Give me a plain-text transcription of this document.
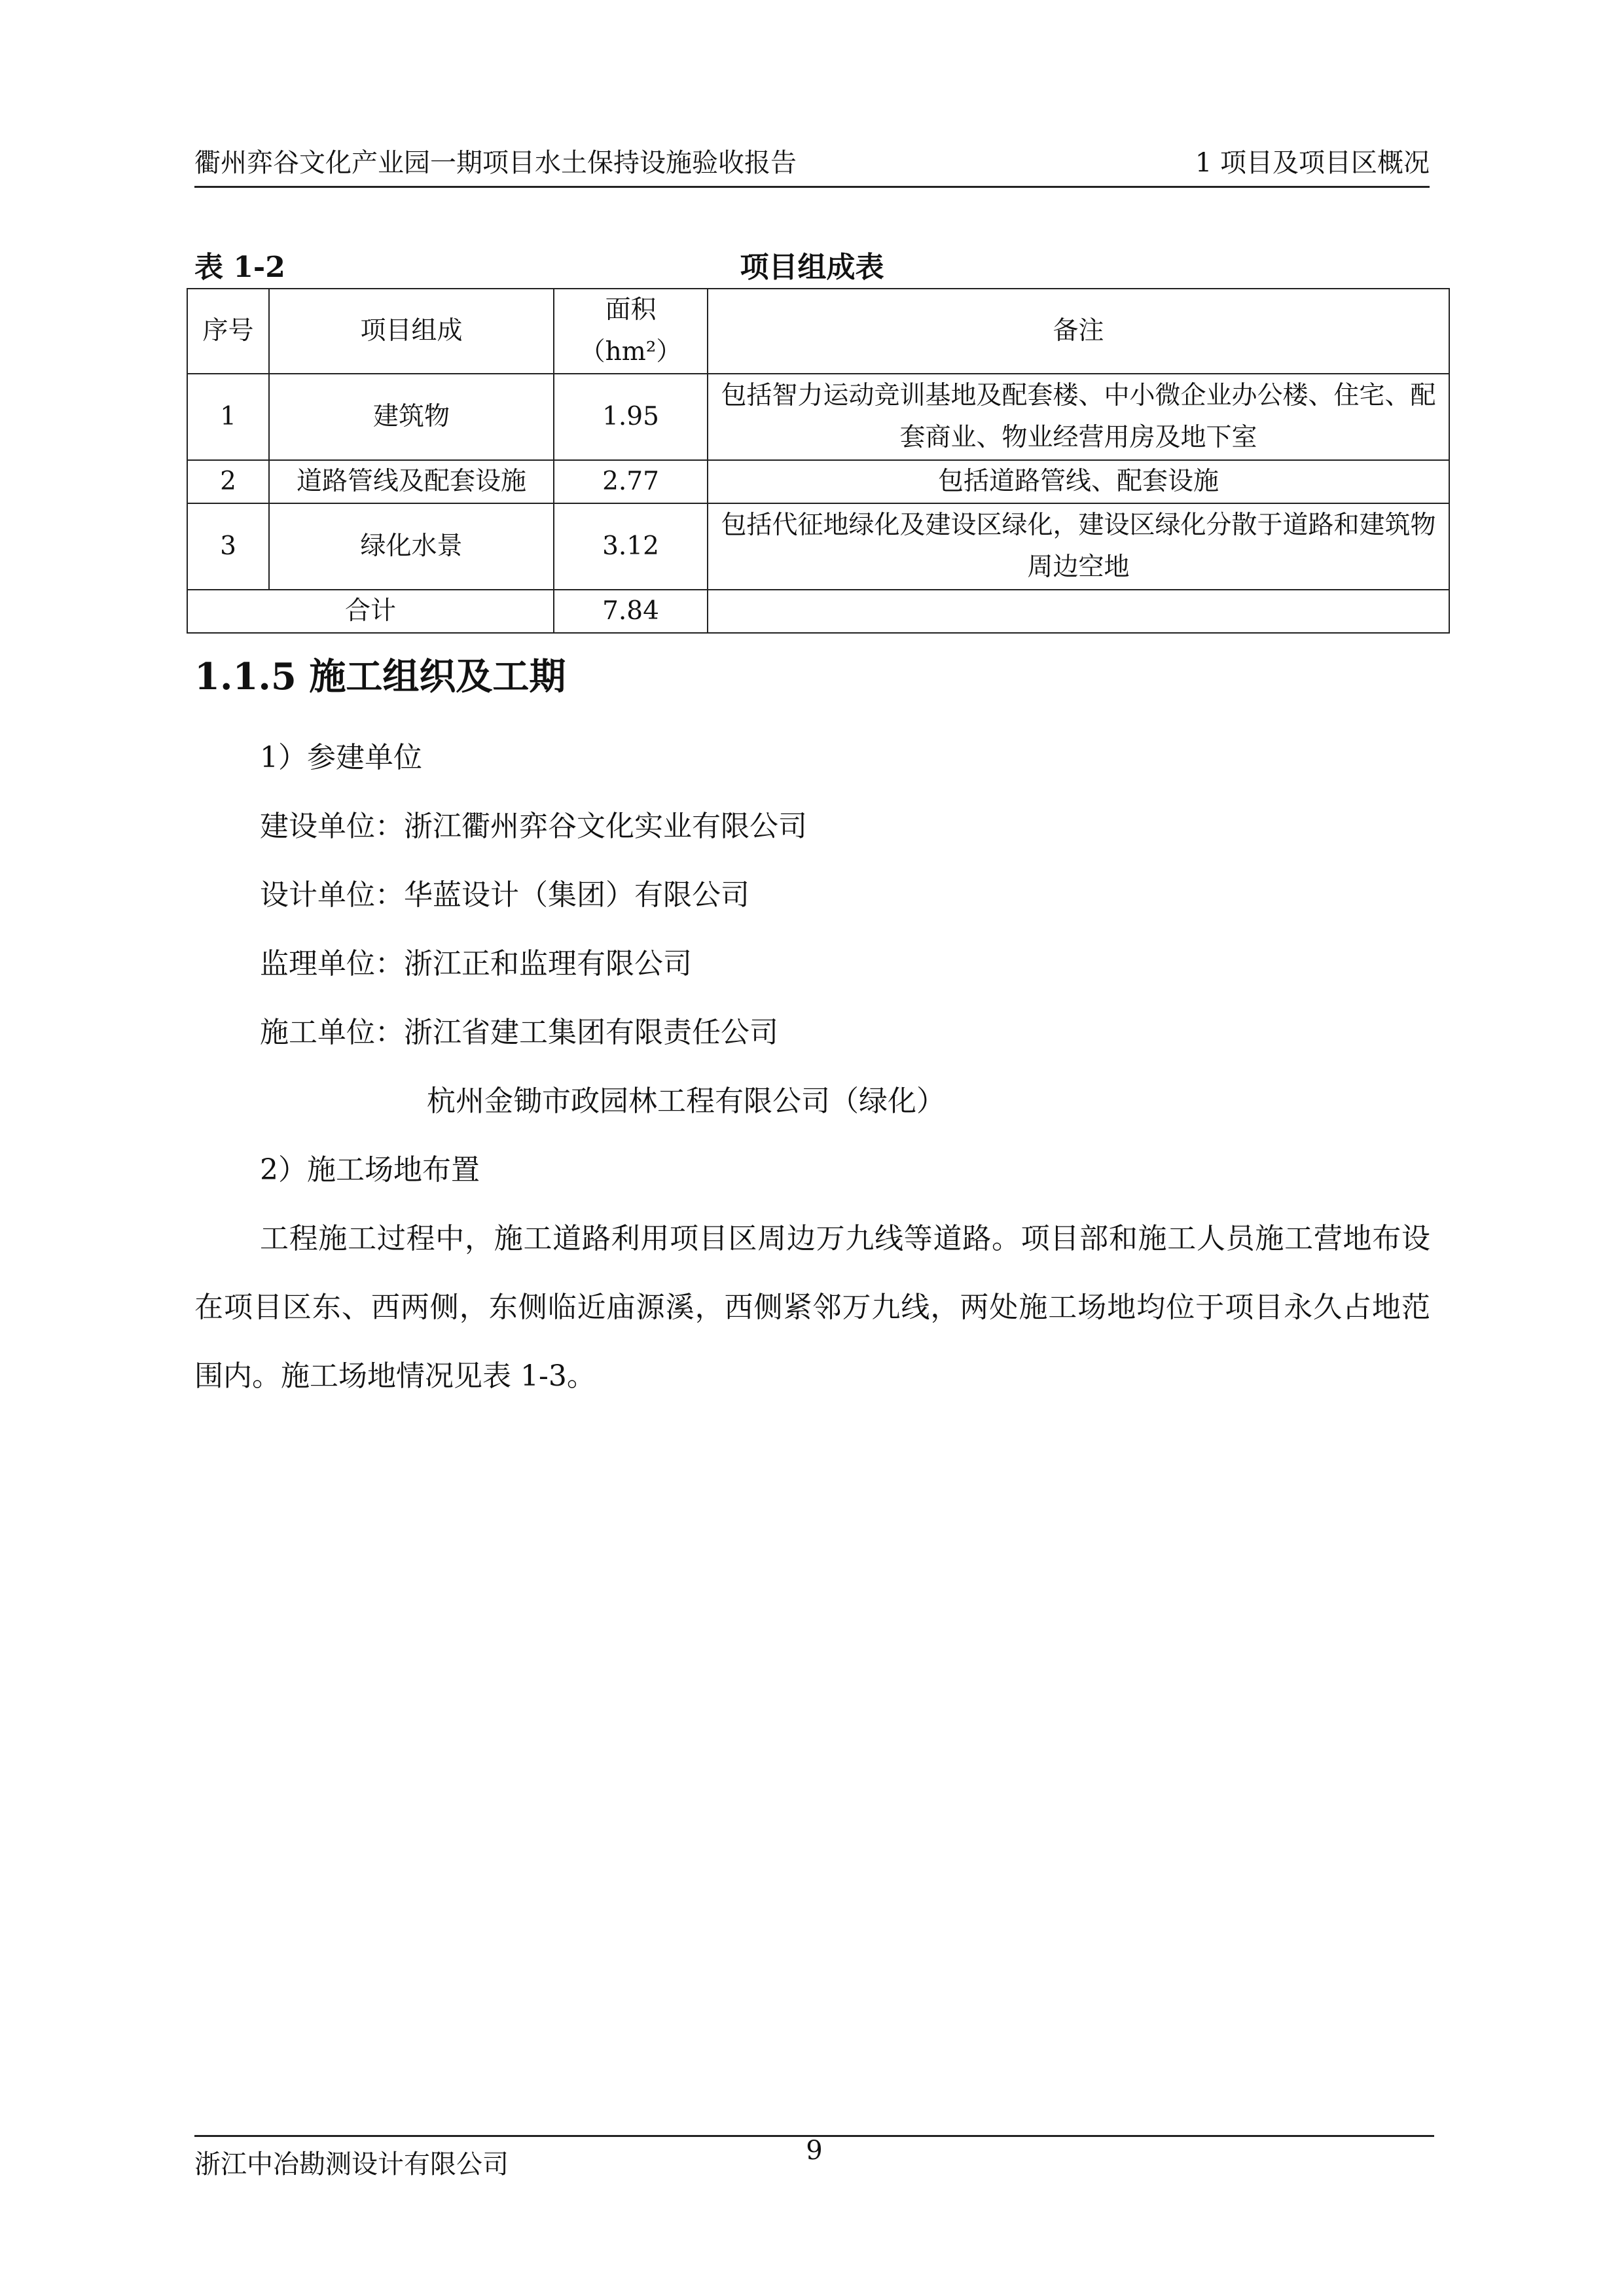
衢州弈谷文化产业园一期项目水土保持设施验收报告	1 项目及项目区概况
表 1-2	项目组成表
序号	项目组成	面积（hm²）	备注
1	建筑物	1.95	包括智力运动竞训基地及配套楼、中小微企业办公楼、住宅、配套商业、物业经营用房及地下室
2	道路管线及配套设施	2.77	包括道路管线、配套设施
3	绿化水景	3.12	包括代征地绿化及建设区绿化，建设区绿化分散于道路和建筑物周边空地
合计		7.84	
1.1.5 施工组织及工期
1）参建单位
建设单位：浙江衢州弈谷文化实业有限公司
设计单位：华蓝设计（集团）有限公司
监理单位：浙江正和监理有限公司
施工单位：浙江省建工集团有限责任公司
杭州金锄市政园林工程有限公司（绿化）
2）施工场地布置
工程施工过程中，施工道路利用项目区周边万九线等道路。项目部和施工人员施工营地布设在项目区东、西两侧，东侧临近庙源溪，西侧紧邻万九线，两处施工场地均位于项目永久占地范围内。施工场地情况见表 1-3。
浙江中冶勘测设计有限公司	9
